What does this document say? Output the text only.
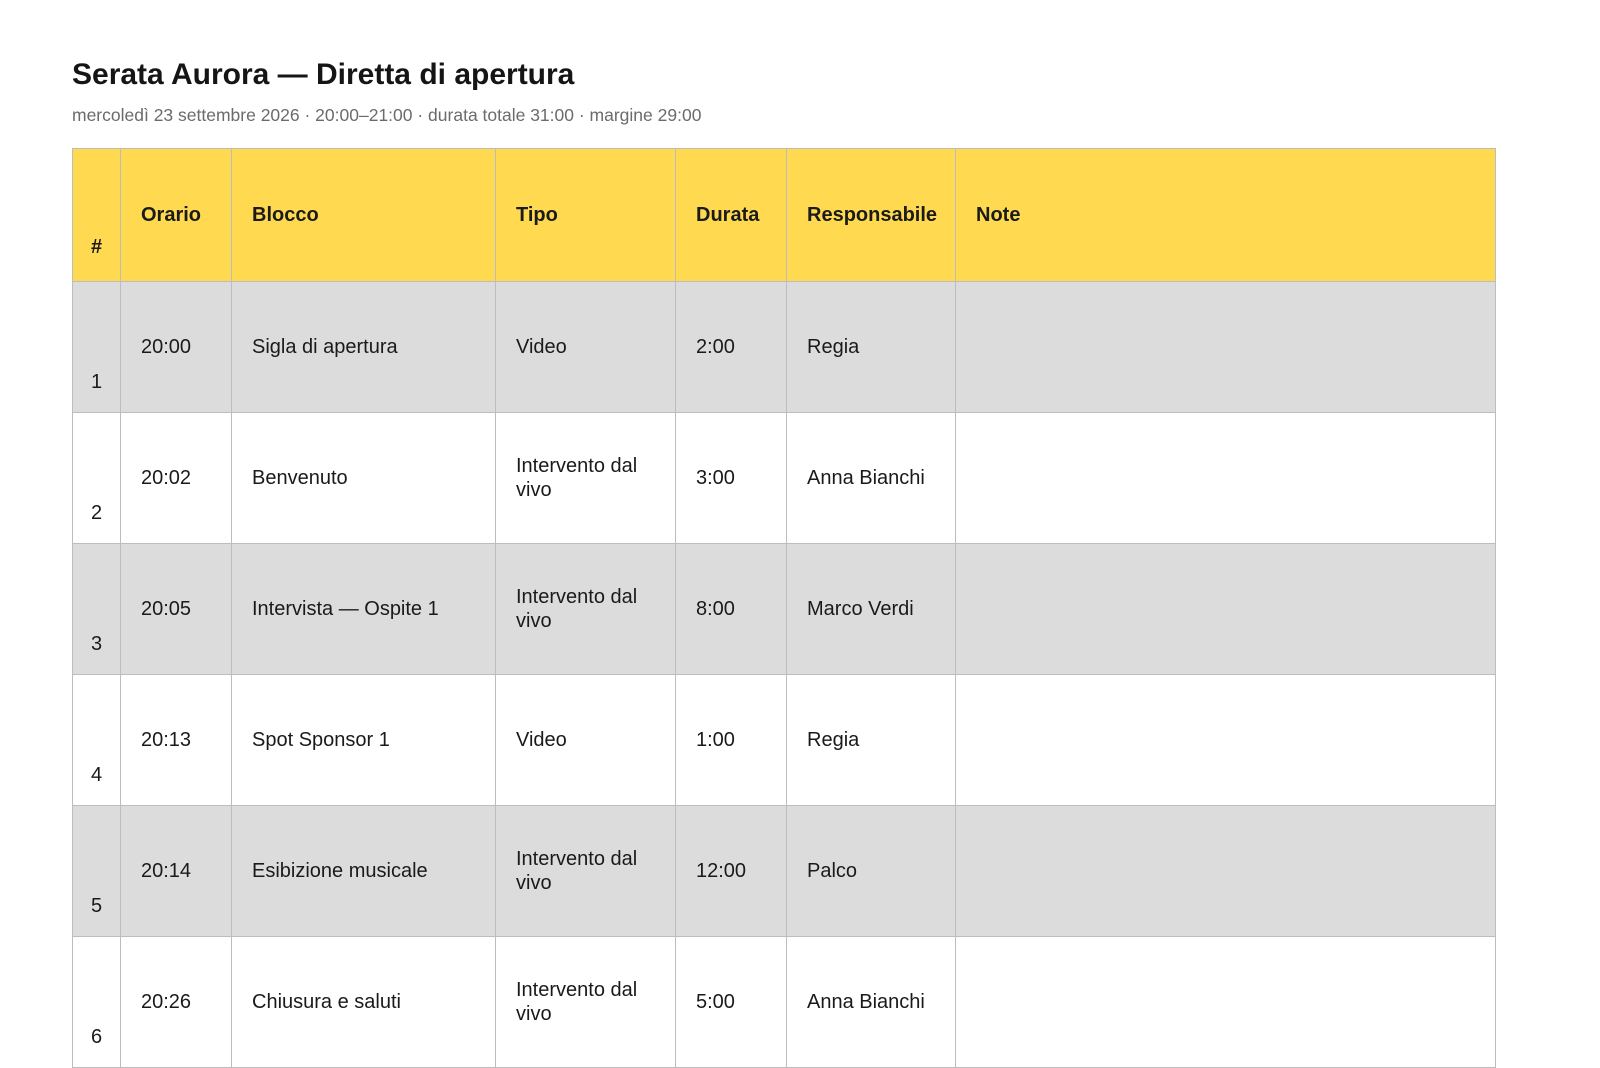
Serata Aurora — Diretta di apertura
mercoledì 23 settembre 2026 · 20:00–21:00 · durata totale 31:00 · margine 29:00
#	Orario	Blocco	Tipo	Durata	Responsabile	Note
1	20:00	Sigla di apertura	Video	2:00	Regia	
2	20:02	Benvenuto	Intervento dal vivo	3:00	Anna Bianchi	
3	20:05	Intervista — Ospite 1	Intervento dal vivo	8:00	Marco Verdi	
4	20:13	Spot Sponsor 1	Video	1:00	Regia	
5	20:14	Esibizione musicale	Intervento dal vivo	12:00	Palco	
6	20:26	Chiusura e saluti	Intervento dal vivo	5:00	Anna Bianchi	
